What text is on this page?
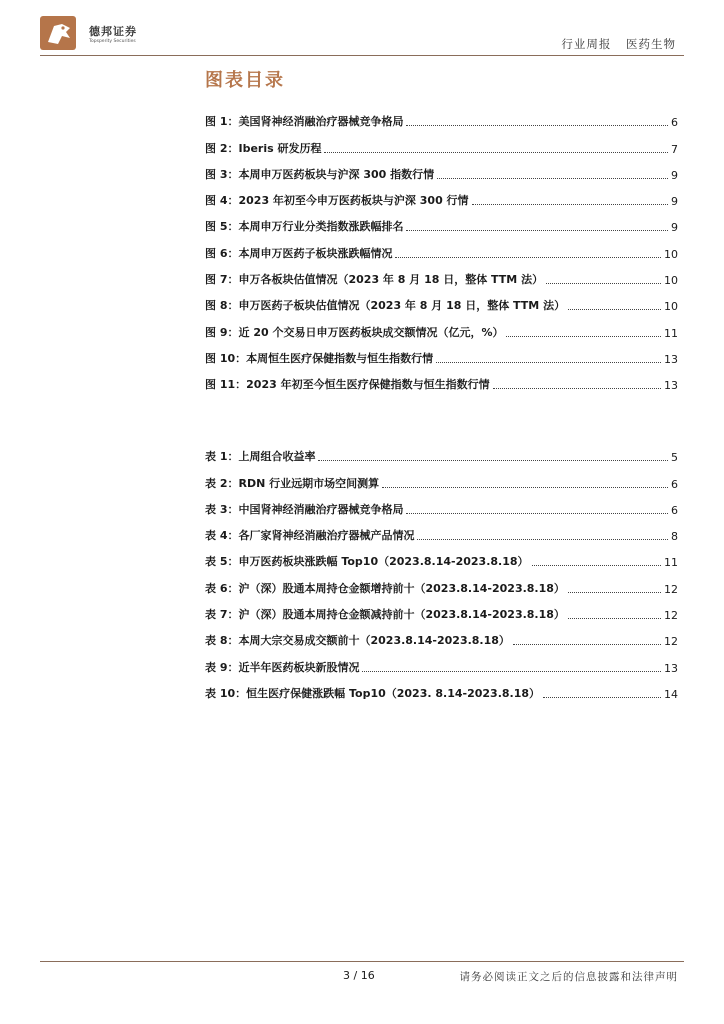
德邦证券
Topsperity Securities	行业周报 医药生物
图表目录
图 1： 美国肾神经消融治疗器械竞争格局	6
图 2： Iberis 研发历程	7
图 3： 本周申万医药板块与沪深 300 指数行情	9
图 4： 2023 年初至今申万医药板块与沪深 300 行情	9
图 5： 本周申万行业分类指数涨跌幅排名	9
图 6： 本周申万医药子板块涨跌幅情况	10
图 7： 申万各板块估值情况（2023 年 8 月 18 日，整体 TTM 法）	10
图 8： 申万医药子板块估值情况（2023 年 8 月 18 日，整体 TTM 法）	10
图 9： 近 20 个交易日申万医药板块成交额情况（亿元，%）	11
图 10： 本周恒生医疗保健指数与恒生指数行情	13
图 11： 2023 年初至今恒生医疗保健指数与恒生指数行情	13
表 1： 上周组合收益率	5
表 2： RDN 行业远期市场空间测算	6
表 3： 中国肾神经消融治疗器械竞争格局	6
表 4： 各厂家肾神经消融治疗器械产品情况	8
表 5： 申万医药板块涨跌幅 Top10（2023.8.14-2023.8.18）	11
表 6： 沪（深）股通本周持仓金额增持前十（2023.8.14-2023.8.18）	12
表 7： 沪（深）股通本周持仓金额减持前十（2023.8.14-2023.8.18）	12
表 8： 本周大宗交易成交额前十（2023.8.14-2023.8.18）	12
表 9： 近半年医药板块新股情况	13
表 10： 恒生医疗保健涨跌幅 Top10（2023. 8.14-2023.8.18）	14
3 / 16	请务必阅读正文之后的信息披露和法律声明
